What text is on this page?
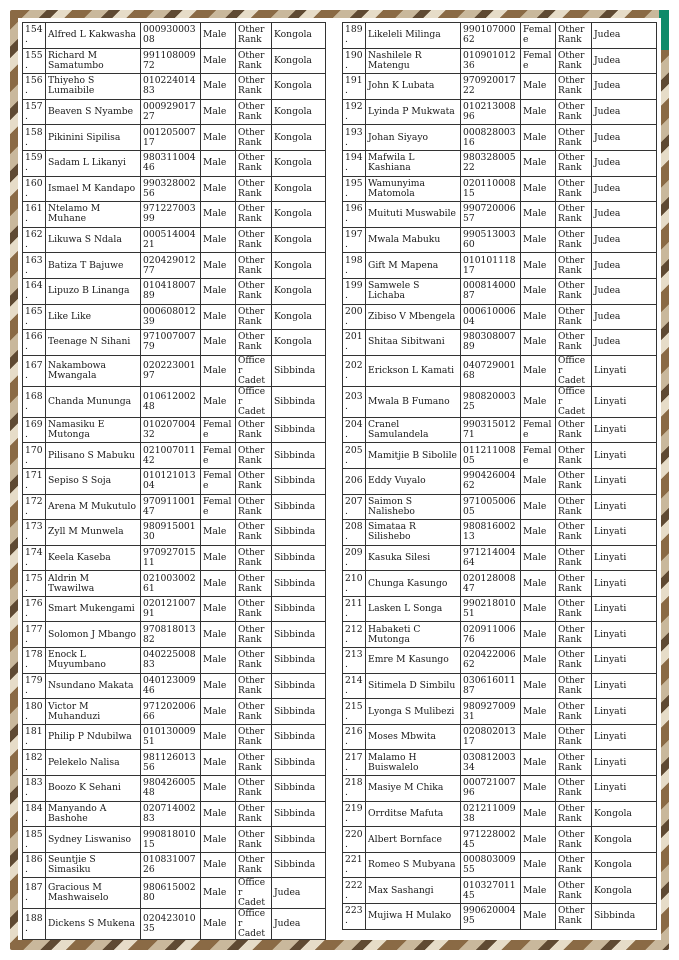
154.	Alfred L Kakwasha	00093000308	Male	Other Rank	Kongola
155.	Richard M Samatumbo	99110800972	Male	Other Rank	Kongola
156.	Thiyeho S Lumaibile	01022401483	Male	Other Rank	Kongola
157.	Beaven S Nyambe	00092901727	Male	Other Rank	Kongola
158.	Pikinini Sipilisa	00120500717	Male	Other Rank	Kongola
159.	Sadam L Likanyi	98031100446	Male	Other Rank	Kongola
160.	Ismael M Kandapo	99032800256	Male	Other Rank	Kongola
161.	Ntelamo M Muhane	97122700399	Male	Other Rank	Kongola
162.	Likuwa S Ndala	00051400421	Male	Other Rank	Kongola
163.	Batiza T Bajuwe	02042901277	Male	Other Rank	Kongola
164.	Lipuzo B Linanga	01041800789	Male	Other Rank	Kongola
165.	Like Like	00060801239	Male	Other Rank	Kongola
166.	Teenage N Sihani	97100700779	Male	Other Rank	Kongola
167.	Nakambowa Mwangala	02022300197	Male	Officer Cadet	Sibbinda
168.	Chanda Mununga	01061200248	Male	Officer Cadet	Sibbinda
169.	Namasiku E Mutonga	01020700432	Female	Other Rank	Sibbinda
170.	Pilisano S Mabuku	02100701142	Female	Other Rank	Sibbinda
171.	Sepiso S Soja	01012101304	Female	Other Rank	Sibbinda
172.	Arena M Mukutulo	97091100147	Female	Other Rank	Sibbinda
173.	Zyll M Munwela	98091500130	Male	Other Rank	Sibbinda
174.	Keela Kaseba	97092701511	Male	Other Rank	Sibbinda
175.	Aldrin M Twawilwa	02100300261	Male	Other Rank	Sibbinda
176.	Smart Mukengami	02012100791	Male	Other Rank	Sibbinda
177.	Solomon J Mbango	97081801382	Male	Other Rank	Sibbinda
178.	Enock L Muyumbano	04022500883	Male	Other Rank	Sibbinda
179.	Nsundano Makata	04012300946	Male	Other Rank	Sibbinda
180.	Victor M Muhanduzi	97120200666	Male	Other Rank	Sibbinda
181.	Philip P Ndubilwa	01013000951	Male	Other Rank	Sibbinda
182.	Pelekelo Nalisa	98112601356	Male	Other Rank	Sibbinda
183.	Boozo K Sehani	98042600548	Male	Other Rank	Sibbinda
184.	Manyando A Bashohe	02071400283	Male	Other Rank	Sibbinda
185.	Sydney Liswaniso	99081801015	Male	Other Rank	Sibbinda
186.	Seuntjie S Simasiku	01083100726	Male	Other Rank	Sibbinda
187.	Gracious M Mashwaiselo	98061500280	Male	Officer Cadet	Judea
188.	Dickens S Mukena	02042301035	Male	Officer Cadet	Judea
189.	Likeleli Milinga	99010700062	Female	Other Rank	Judea
190.	Nashilele R Matengu	01090101236	Female	Other Rank	Judea
191.	John K Lubata	97092001722	Male	Other Rank	Judea
192.	Lyinda P Mukwata	01021300896	Male	Other Rank	Judea
193.	Johan Siyayo	00082800316	Male	Other Rank	Judea
194.	Mafwila L Kashiana	98032800522	Male	Other Rank	Judea
195.	Wamunyima Matomola	02011000815	Male	Other Rank	Judea
196.	Muituti Muswabile	99072000657	Male	Other Rank	Judea
197.	Mwala Mabuku	99051300360	Male	Other Rank	Judea
198.	Gift M Mapena	01010111817	Male	Other Rank	Judea
199.	Samwele S Lichaba	00081400087	Male	Other Rank	Judea
200.	Zibiso V Mbengela	00061000604	Male	Other Rank	Judea
201.	Shitaa Sibitwani	98030800789	Male	Other Rank	Judea
202.	Erickson L Kamati	04072900168	Male	Officer Cadet	Linyati
203.	Mwala B Fumano	98082000325	Male	Officer Cadet	Linyati
204.	Cranel Samulandela	99031501271	Female	Other Rank	Linyati
205.	Mamitjie B Sibolile	01121100805	Female	Other Rank	Linyati
206	Eddy Vuyalo	99042600462	Male	Other Rank	Linyati
207.	Saimon S Nalishebo	97100500605	Male	Other Rank	Linyati
208.	Simataa R Silishebo	98081600213	Male	Other Rank	Linyati
209.	Kasuka Silesi	97121400464	Male	Other Rank	Linyati
210.	Chunga Kasungo	02012800847	Male	Other Rank	Linyati
211.	Lasken L Songa	99021801051	Male	Other Rank	Linyati
212.	Habaketi C Mutonga	02091100676	Male	Other Rank	Linyati
213.	Emre M Kasungo	02042200662	Male	Other Rank	Linyati
214.	Sitimela D Simbilu	03061601187	Male	Other Rank	Linyati
215.	Lyonga S Mulibezi	98092700931	Male	Other Rank	Linyati
216.	Moses Mbwita	02080201317	Male	Other Rank	Linyati
217.	Malamo H Buiswalelo	03081200334	Male	Other Rank	Linyati
218.	Masiye M Chika	00072100796	Male	Other Rank	Linyati
219.	Orrditse Mafuta	02121100938	Male	Other Rank	Kongola
220.	Albert Bornface	97122800245	Male	Other Rank	Kongola
221.	Romeo S Mubyana	00080300955	Male	Other Rank	Kongola
222.	Max Sashangi	01032701145	Male	Other Rank	Kongola
223.	Mujiwa H Mulako	99062000495	Male	Other Rank	Sibbinda
